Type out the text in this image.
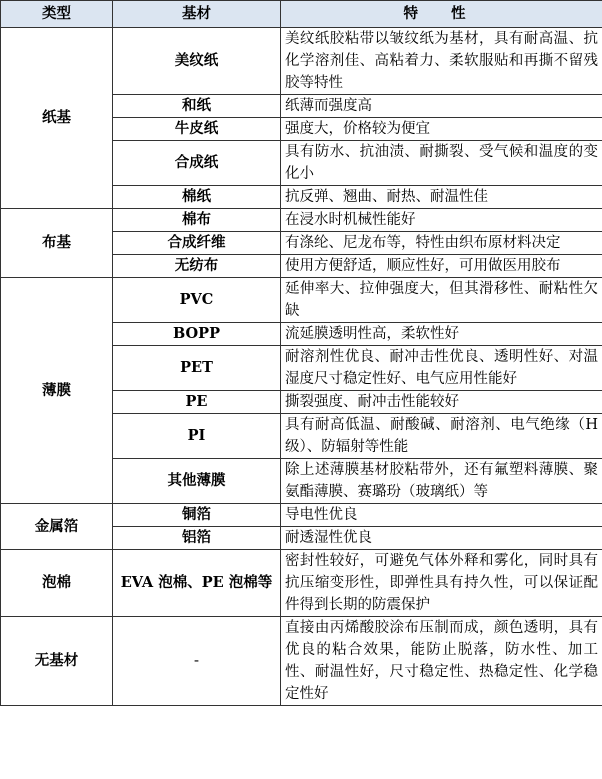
类型	基材	特 性
纸基	美纹纸	美纹纸胶粘带以皱纹纸为基材，具有耐高温、抗化学溶剂佳、高粘着力、柔软服贴和再撕不留残胶等特性
	和纸	纸薄而强度高
	牛皮纸	强度大，价格较为便宜
	合成纸	具有防水、抗油渍、耐撕裂、受气候和温度的变化小
	棉纸	抗反弹、翘曲、耐热、耐温性佳
布基	棉布	在浸水时机械性能好
	合成纤维	有涤纶、尼龙布等，特性由织布原材料决定
	无纺布	使用方便舒适，顺应性好，可用做医用胶布
薄膜	PVC	延伸率大、拉伸强度大，但其滑移性、耐粘性欠缺
	BOPP	流延膜透明性高，柔软性好
	PET	耐溶剂性优良、耐冲击性优良、透明性好、对温湿度尺寸稳定性好、电气应用性能好
	PE	撕裂强度、耐冲击性能较好
	PI	具有耐高低温、耐酸碱、耐溶剂、电气绝缘（H级）、防辐射等性能
	其他薄膜	除上述薄膜基材胶粘带外，还有氟塑料薄膜、聚氨酯薄膜、赛璐玢（玻璃纸）等
金属箔	铜箔	导电性优良
	铝箔	耐透湿性优良
泡棉	EVA 泡棉、PE 泡棉等	密封性较好，可避免气体外释和雾化，同时具有抗压缩变形性，即弹性具有持久性，可以保证配件得到长期的防震保护
无基材	-	直接由丙烯酸胶涂布压制而成，颜色透明，具有优良的粘合效果，能防止脱落，防水性、加工性、耐温性好，尺寸稳定性、热稳定性、化学稳定性好
